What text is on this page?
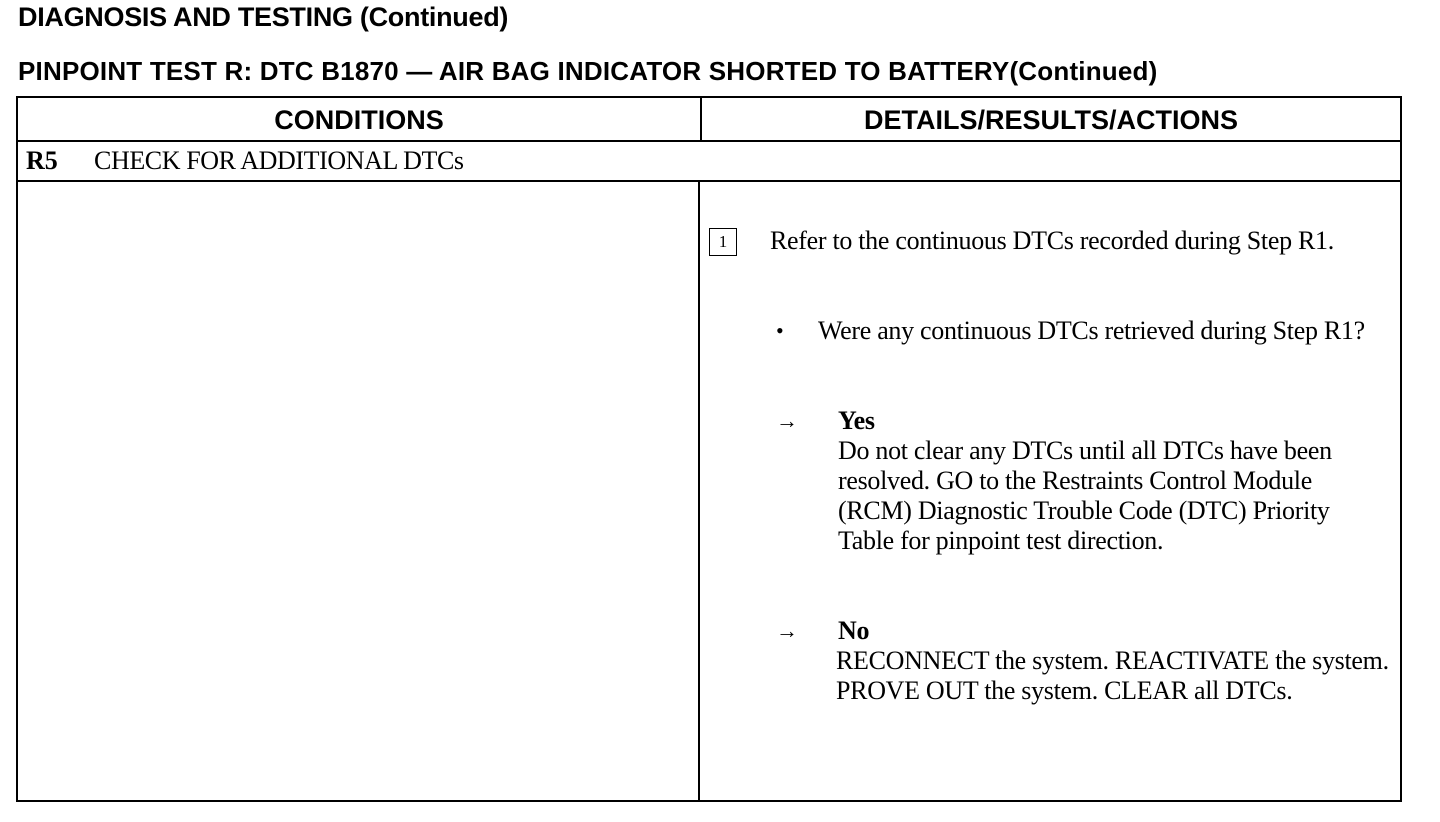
DIAGNOSIS AND TESTING (Continued)
PINPOINT TEST R: DTC B1870 — AIR BAG INDICATOR SHORTED TO BATTERY(Continued)
CONDITIONS	DETAILS/RESULTS/ACTIONS
R5 CHECK FOR ADDITIONAL DTCs
1	Refer to the continuous DTCs recorded during Step R1.
• Were any continuous DTCs retrieved during Step R1?
→ Yes
Do not clear any DTCs until all DTCs have been resolved. GO to the Restraints Control Module (RCM) Diagnostic Trouble Code (DTC) Priority Table for pinpoint test direction.
→ No
RECONNECT the system. REACTIVATE the system. PROVE OUT the system. CLEAR all DTCs.
